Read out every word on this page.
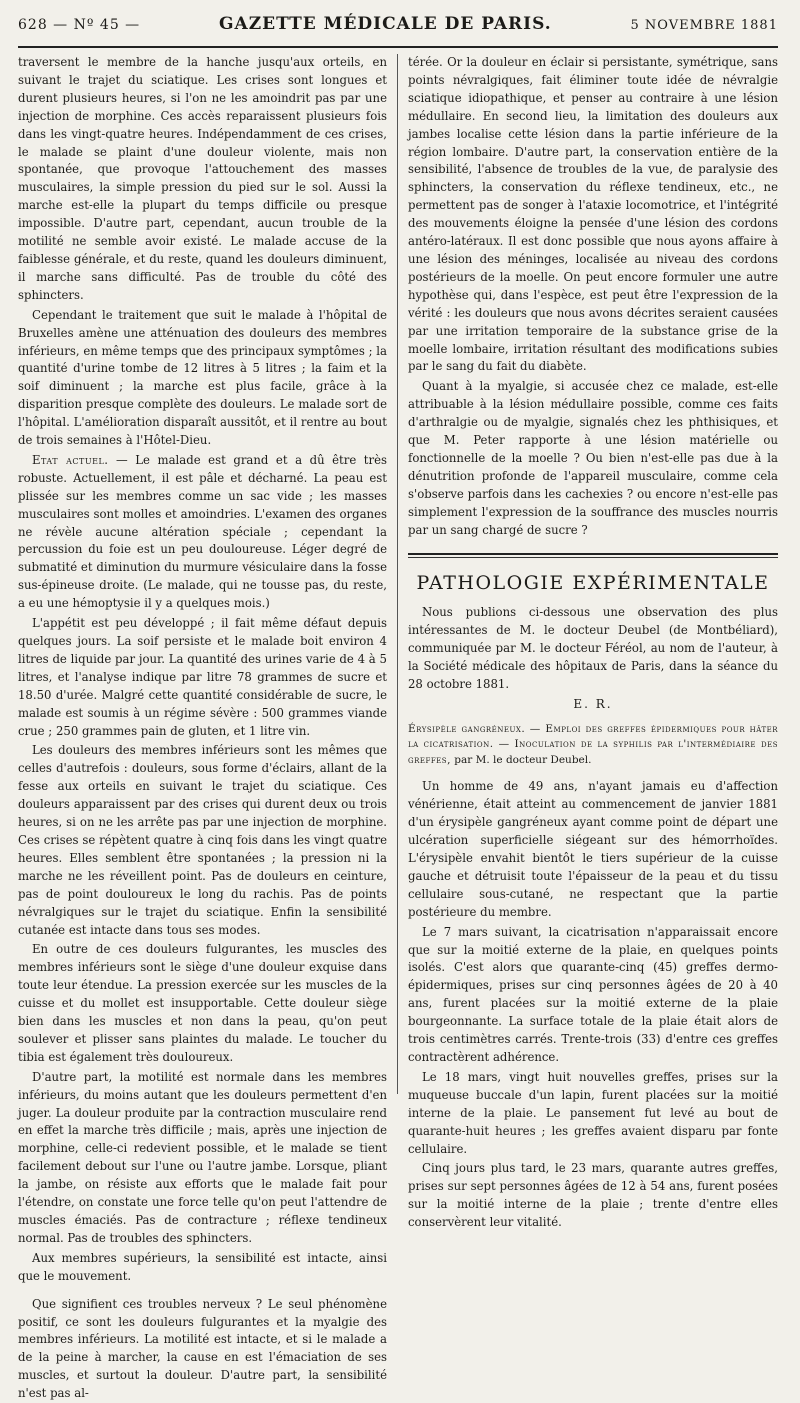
628 — Nº 45 —	GAZETTE MÉDICALE DE PARIS.	5 NOVEMBRE 1881

traversent le membre de la hanche jusqu'aux orteils, en suivant le trajet du sciatique. Les crises sont longues et durent plusieurs heures, si l'on ne les amoindrit pas par une injection de morphine. Ces accès reparaissent plusieurs fois dans les vingt-quatre heures. Indépendamment de ces crises, le malade se plaint d'une douleur violente, mais non spontanée, que provoque l'attouchement des masses musculaires, la simple pression du pied sur le sol. Aussi la marche est-elle la plupart du temps difficile ou presque impossible. D'autre part, cependant, aucun trouble de la motilité ne semble avoir existé. Le malade accuse de la faiblesse générale, et du reste, quand les douleurs diminuent, il marche sans difficulté. Pas de trouble du côté des sphincters.

Cependant le traitement que suit le malade à l'hôpital de Bruxelles amène une atténuation des douleurs des membres inférieurs, en même temps que des principaux symptômes ; la quantité d'urine tombe de 12 litres à 5 litres ; la faim et la soif diminuent ; la marche est plus facile, grâce à la disparition presque complète des douleurs. Le malade sort de l'hôpital. L'amélioration disparaît aussitôt, et il rentre au bout de trois semaines à l'Hôtel-Dieu.

Etat actuel. — Le malade est grand et a dû être très robuste. Actuellement, il est pâle et décharné. La peau est plissée sur les membres comme un sac vide ; les masses musculaires sont molles et amoindries. L'examen des organes ne révèle aucune altération spéciale ; cependant la percussion du foie est un peu douloureuse. Léger degré de submatité et diminution du murmure vésiculaire dans la fosse sus-épineuse droite. (Le malade, qui ne tousse pas, du reste, a eu une hémoptysie il y a quelques mois.)

L'appétit est peu développé ; il fait même défaut depuis quelques jours. La soif persiste et le malade boit environ 4 litres de liquide par jour. La quantité des urines varie de 4 à 5 litres, et l'analyse indique par litre 78 grammes de sucre et 18.50 d'urée. Malgré cette quantité considérable de sucre, le malade est soumis à un régime sévère : 500 grammes viande crue ; 250 grammes pain de gluten, et 1 litre vin.

Les douleurs des membres inférieurs sont les mêmes que celles d'autrefois : douleurs, sous forme d'éclairs, allant de la fesse aux orteils en suivant le trajet du sciatique. Ces douleurs apparaissent par des crises qui durent deux ou trois heures, si on ne les arrête pas par une injection de morphine. Ces crises se répètent quatre à cinq fois dans les vingt quatre heures. Elles semblent être spontanées ; la pression ni la marche ne les réveillent point. Pas de douleurs en ceinture, pas de point douloureux le long du rachis. Pas de points névralgiques sur le trajet du sciatique. Enfin la sensibilité cutanée est intacte dans tous ses modes.

En outre de ces douleurs fulgurantes, les muscles des membres inférieurs sont le siège d'une douleur exquise dans toute leur étendue. La pression exercée sur les muscles de la cuisse et du mollet est insupportable. Cette douleur siège bien dans les muscles et non dans la peau, qu'on peut soulever et plisser sans plaintes du malade. Le toucher du tibia est également très douloureux.

D'autre part, la motilité est normale dans les membres inférieurs, du moins autant que les douleurs permettent d'en juger. La douleur produite par la contraction musculaire rend en effet la marche très difficile ; mais, après une injection de morphine, celle-ci redevient possible, et le malade se tient facilement debout sur l'une ou l'autre jambe. Lorsque, pliant la jambe, on résiste aux efforts que le malade fait pour l'étendre, on constate une force telle qu'on peut l'attendre de muscles émaciés. Pas de contracture ; réflexe tendineux normal. Pas de troubles des sphincters.

Aux membres supérieurs, la sensibilité est intacte, ainsi que le mouvement.

Que signifient ces troubles nerveux ? Le seul phénomène positif, ce sont les douleurs fulgurantes et la myalgie des membres inférieurs. La motilité est intacte, et si le malade a de la peine à marcher, la cause en est l'émaciation de ses muscles, et surtout la douleur. D'autre part, la sensibilité n'est pas al-

térée. Or la douleur en éclair si persistante, symétrique, sans points névralgiques, fait éliminer toute idée de névralgie sciatique idiopathique, et penser au contraire à une lésion médullaire. En second lieu, la limitation des douleurs aux jambes localise cette lésion dans la partie inférieure de la région lombaire. D'autre part, la conservation entière de la sensibilité, l'absence de troubles de la vue, de paralysie des sphincters, la conservation du réflexe tendineux, etc., ne permettent pas de songer à l'ataxie locomotrice, et l'intégrité des mouvements éloigne la pensée d'une lésion des cordons antéro-latéraux. Il est donc possible que nous ayons affaire à une lésion des méninges, localisée au niveau des cordons postérieurs de la moelle. On peut encore formuler une autre hypothèse qui, dans l'espèce, est peut être l'expression de la vérité : les douleurs que nous avons décrites seraient causées par une irritation temporaire de la substance grise de la moelle lombaire, irritation résultant des modifications subies par le sang du fait du diabète.

Quant à la myalgie, si accusée chez ce malade, est-elle attribuable à la lésion médullaire possible, comme ces faits d'arthralgie ou de myalgie, signalés chez les phthisiques, et que M. Peter rapporte à une lésion matérielle ou fonctionnelle de la moelle ? Ou bien n'est-elle pas due à la dénutrition profonde de l'appareil musculaire, comme cela s'observe parfois dans les cachexies ? ou encore n'est-elle pas simplement l'expression de la souffrance des muscles nourris par un sang chargé de sucre ?

PATHOLOGIE EXPÉRIMENTALE

Nous publions ci-dessous une observation des plus intéressantes de M. le docteur Deubel (de Montbéliard), communiquée par M. le docteur Féréol, au nom de l'auteur, à la Société médicale des hôpitaux de Paris, dans la séance du 28 octobre 1881.

E. R.

Érysipèle gangréneux. — Emploi des greffes épidermiques pour hâter la cicatrisation. — Inoculation de la syphilis par l'intermédiaire des greffes, par M. le docteur Deubel.

Un homme de 49 ans, n'ayant jamais eu d'affection vénérienne, était atteint au commencement de janvier 1881 d'un érysipèle gangréneux ayant comme point de départ une ulcération superficielle siégeant sur des hémorrhoïdes. L'érysipèle envahit bientôt le tiers supérieur de la cuisse gauche et détruisit toute l'épaisseur de la peau et du tissu cellulaire sous-cutané, ne respectant que la partie postérieure du membre.

Le 7 mars suivant, la cicatrisation n'apparaissait encore que sur la moitié externe de la plaie, en quelques points isolés. C'est alors que quarante-cinq (45) greffes dermo-épidermiques, prises sur cinq personnes âgées de 20 à 40 ans, furent placées sur la moitié externe de la plaie bourgeonnante. La surface totale de la plaie était alors de trois centimètres carrés. Trente-trois (33) d'entre ces greffes contractèrent adhérence.

Le 18 mars, vingt huit nouvelles greffes, prises sur la muqueuse buccale d'un lapin, furent placées sur la moitié interne de la plaie. Le pansement fut levé au bout de quarante-huit heures ; les greffes avaient disparu par fonte cellulaire.

Cinq jours plus tard, le 23 mars, quarante autres greffes, prises sur sept personnes âgées de 12 à 54 ans, furent posées sur la moitié interne de la plaie ; trente d'entre elles conservèrent leur vitalité.
